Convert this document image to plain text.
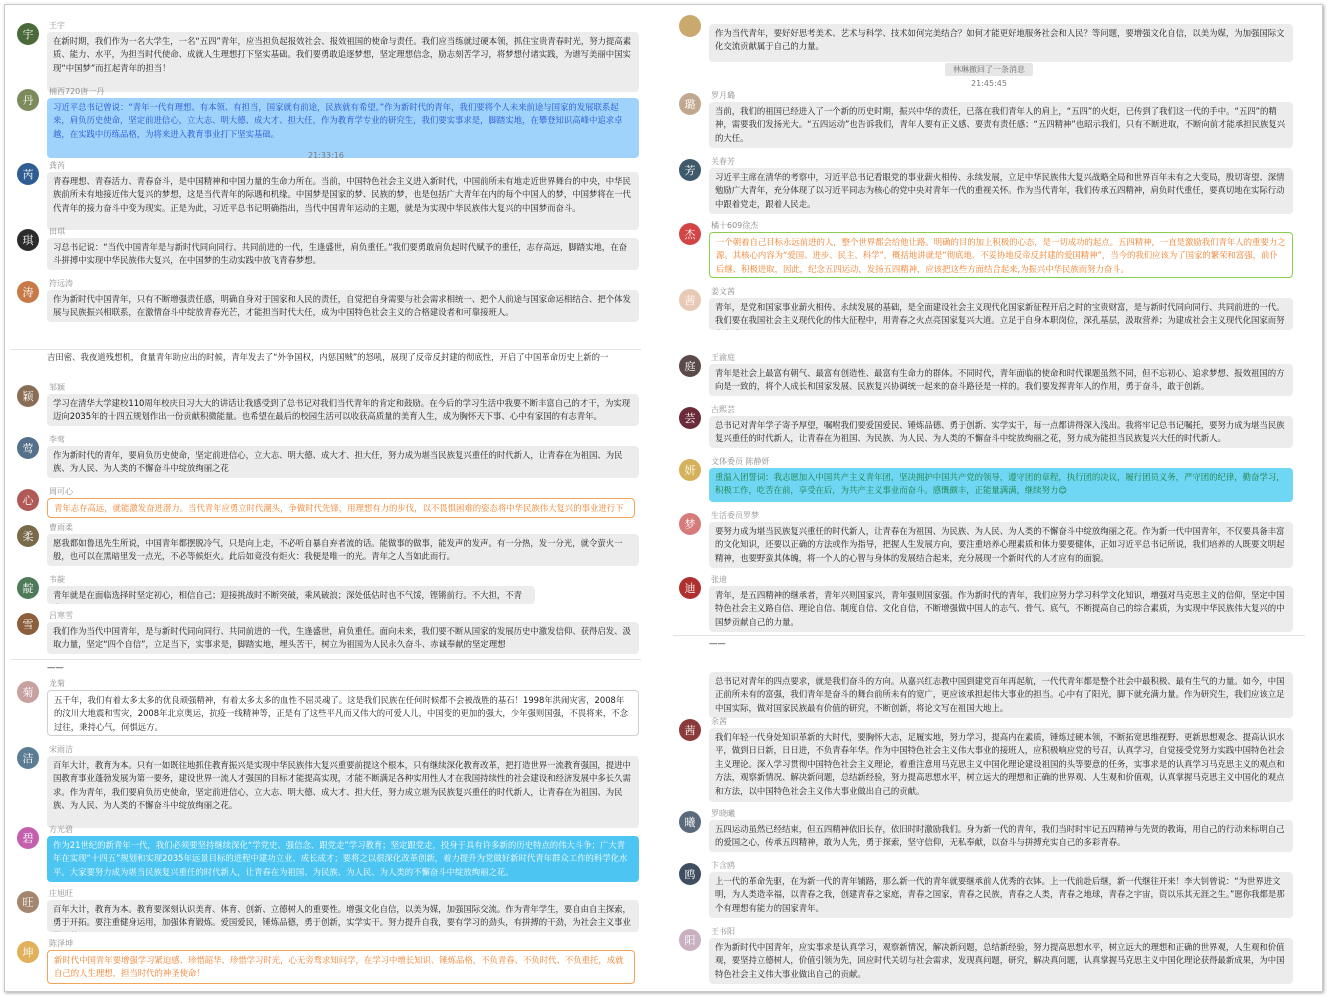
宇
王宇
在新时期，我们作为一名大学生，一名“五四”青年，应当担负起报效社会、报效祖国的使命与责任。我们应当练就过硬本领，抓住宝贵青春时光，努力提高素质、能力、水平，为担当时代使命、成就人生理想打下坚实基础。我们要勇敢追逐梦想，坚定理想信念，励志刻苦学习，将梦想付诸实践，为谱写美丽中国实现“中国梦”而扛起青年的担当！
丹
楠西720唐一丹
习近平总书记曾说：“青年一代有理想、有本领、有担当，国家就有前途，民族就有希望。”作为新时代的青年，我们要将个人未来前途与国家的发展联系起来，肩负历史使命，坚定前进信心，立大志、明大德、成大才、担大任，作为教育学专业的研究生，我们要实事求是，脚踏实地，在攀登知识高峰中追求卓越，在实践中历练品格，为将来进入教育事业打下坚实基础。
芮
龚芮
青春理想、青春活力、青春奋斗，是中国精神和中国力量的生命力所在。当前，中国特色社会主义进入新时代，中国前所未有地走近世界舞台的中央，中华民族前所未有地接近伟大复兴的梦想，这是当代青年的际遇和机缘。中国梦是国家的梦、民族的梦，也是包括广大青年在内的每个中国人的梦，中国梦将在一代代青年的接力奋斗中变为现实。正是为此，习近平总书记明确指出，当代中国青年运动的主题，就是为实现中华民族伟大复兴的中国梦而奋斗。
琪
田琪
习总书记说：“当代中国青年是与新时代同向同行、共同前进的一代，生逢盛世，肩负重任。”我们要勇敢肩负起时代赋予的重任，志存高远，脚踏实地，在奋斗拼搏中实现中华民族伟大复兴，在中国梦的生动实践中放飞青春梦想。
涛
符远涛
作为新时代中国青年，只有不断增强责任感，明确自身对于国家和人民的责任，自觉把自身需要与社会需求相统一、把个人前途与国家命运相结合、把个体发展与民族振兴相联系，在激情奋斗中绽放青春光芒，才能担当时代大任，成为中国特色社会主义的合格建设者和可靠接班人。
颖
邹颖
学习在清华大学建校110周年校庆日习大大的讲话让我感受到了总书记对我们当代青年的肯定和鼓励。在今后的学习生活中我要不断丰富自己的才干，为实现迈向2035年的十四五规划作出一份贡献积微能量。也希望在最后的校园生活可以收获高质量的美育人生，成为胸怀天下事、心中有家国的有志青年。
莺
李莺
作为新时代的青年，要肩负历史使命，坚定前进信心，立大志、明大德、成大才、担大任，努力成为堪当民族复兴重任的时代新人，让青春在为祖国、为民族、为人民、为人类的不懈奋斗中绽放绚丽之花
心
周可心
青年志存高远，就能激发奋进潜力。当代青年应勇立时代潮头，争做时代先锋，用理想有力的步伐，以不畏惧困难的姿态将中华民族伟大复兴的事业进行下
柔
曹雨柔
愿我都如鲁迅先生所说，中国青年都摆脱冷气，只是向上走，不必听自暴自弃者流的话。能做事的做事，能发声的发声。有一分热，发一分光，就令萤火一般，也可以在黑暗里发一点光，不必等候炬火。此后如竟没有炬火：我便是唯一的光。青年之人当如此而行。
靛
韦靛
青年就是在面临选择时坚定初心，相信自己；迎接挑战时不断突破，乘风破浪；深处低估时也不气馁，铿锵前行。不大担，不青
雪
吕寒雪
我们作为当代中国青年，是与新时代同向同行、共同前进的一代，生逢盛世，肩负重任。面向未来，我们要不断从国家的发展历史中激发信仰、获得启发、汲取力量，坚定“四个自信”，立足当下，实事求是，脚踏实地，埋头苦干，树立为祖国为人民永久奋斗、赤诚奉献的坚定理想
菊
龙菊
五千年，我们有着太多太多的优良顽强精神，有着太多太多的血性不屈灵魂了。这是我们民族在任何时候都不会被战胜的基石！1998年洪闹灾害，2008年的汶川大地震和雪灾，2008年北京奥运，抗疫一线精神等，正是有了这些平凡而又伟大的可爱人儿，中国变的更加的强大，少年强则国强，不畏将来，不念过往，秉持心气，何惧远方。
洁
宋雨洁
百年大计，教育为本。只有一如既往地抓住教育振兴是实现中华民族伟大复兴重要前提这个根本，只有继续深化教育改革，把打造世界一流教育强国，提进中国教育事业蓬勃发展为第一要务，建设世界一流人才强国的目标才能提高实现，才能不断满足各种实用性人才在我国持续性的社会建设和经济发展中多长久需求。作为青年，我们要肩负历史使命，坚定前进信心，立大志、明大德、成大才、担大任，努力成立堪为民族复兴重任的时代新人，让青春在为祖国、为民族、为人民、为人类的不懈奋斗中绽放绚丽之花。
碧
方光碧
作为21世纪的新青年一代，我们必须要坚持继续深化“学党史、强信念、跟党走”学习教育；坚定跟党走，投身于具有许多新的历史特点的伟大斗争；广大青年在实现“十四五”规划和实现2035年远景目标的进程中建功立业、成长成才；要将之以很深化改革创新，着力提升为党做好新时代青年群众工作的科学化水平。大家要努力成为堪当民族复兴重任的时代新人，让青春在为祖国、为民族、为人民、为人类的不懈奋斗中绽放绚丽之花。
旺
庄旭旺
百年大计，教育为本。教育要深刻认识美育、体育、创新、立德树人的重要性。增强文化自信，以美为媒，加强国际交流。作为青年学生，要自由自主探索，勇于开拓。要注重健身运用，加强体育锻炼。爱国爱民，锤炼品德，勇于创新，实学实干。努力提升自我，要有学习的劲头，有拼搏的干劲，为社会主义事业
坤
陈泽坤
新时代中国青年要增强学习紧迫感、珍惜韶华、珍惜学习时光，心无旁骛求知问学，在学习中增长知识、锤炼品格，不负青春、不负时代、不负重托，成就自己的人生理想，担当时代的神圣使命！
21:33:16
吉田密、我夜道残想机，食量青年助应出的时候，青年发去了“外争国权，内惩国贼”的怒吼，展现了反帝反封建的彻底性，开启了中国革命历史上新的一
——
作为当代青年，要好好思考美术、艺术与科学、技术如何完美结合？如何才能更好地服务社会和人民？等问题，要增强文化自信，以美为媒，为加强国际文化交流贡献属于自己的力量。
璐
罗月璐
当前，我们的祖国已经进入了一个新的历史时期，振兴中华的责任，已落在我们青年人的肩上，“五四”的火炬，已传到了我们这一代的手中。“五四”的精神，需要我们发扬光大。“五四运动”也告诉我们，青年人要有正义感、要责有责任感；“五四精神”也昭示我们，只有不断进取，不断向前才能承担民族复兴的大任。
芳
关春芳
习近平主席在清华的考察中，习近平总书记看眼党的事业薪火相传、永续发展，立足中华民族伟大复兴战略全局和世界百年未有之大变局，殷切寄望、深情勉励广大青年，充分体现了以习近平同志为核心的党中央对青年一代的重视关怀。作为当代青年，我们传承五四精神，肩负时代重任，要真切地在实际行动中跟着党走，跟着人民走。
杰
橘十609徐杰
一个朝着自己目标永远前进的人，整个世界都会给他让路。明确的目的加上积极的心态，是一切成功的起点。五四精神，一直是激励我们青年人的重要力之源。其核心内容为“爱国、进步、民主、科学”，概括地讲就是“彻底地、不妥协地反帝反封建的爱国精神”，当今的我们应该为了国家的繁荣和富强，前仆后继、积极进取，因此，纪念五四运动，发扬五四精神，应该把这些方面结合起来,为振兴中华民族而努力奋斗。
茜
姜文茜
青年，是党和国家事业薪火相传、永续发展的基础，是全面建设社会主义现代化国家新征程开启之时的宝贵财富，是与新时代同向同行、共同前进的一代。我们要在我国社会主义现代化的伟大征程中，用青春之火点亮国家复兴大道。立足于自身本职岗位，深孔基层，汲取营养；为建成社会主义现代化国家而努
庭
王渝庭
青年是社会上最富有朝气、最富有创造性、最富有生命力的群体。不同时代，青年面临的使命和时代课题虽然不同，但不忘初心、追求梦想、报效祖国的方向是一致的，将个人成长和国家发展、民族复兴协调统一起来的奋斗路径是一样的。我们要发挥青年人的作用，勇于奋斗，敢于创新。
芸
古熙芸
总书记对青年学子寄予厚望，嘱咐我们要爱国爱民、锤炼品德、勇于创新、实学实干，每一点都讲得深入浅出。我将牢记总书记嘱托，要努力成为堪当民族复兴重任的时代新人，让青春在为祖国、为民族、为人民、为人类的不懈奋斗中绽放绚丽之花，努力成为能担当民族复兴大任的时代新人。
妍
文体委员 陈静妍
重温入团誓词：我志愿加入中国共产主义青年团，坚决拥护中国共产党的领导，遵守团的章程，执行团的决议，履行团员义务，严守团的纪律，勤奋学习，积极工作，吃苦在前，享受在后，为共产主义事业而奋斗。感慨颇丰，正能量满满，继续努力😊
梦
生活委员罗梦
要努力成为堪当民族复兴重任的时代新人，让青春在为祖国、为民族、为人民、为人类的不懈奋斗中绽放绚丽之花。作为新一代中国青年，不仅要具备丰富的文化知识，还要以正确的方法或作为指导，把握人生发展方向，要注重培养心理素质和体力要要健体，正如习近平总书记所说，我们培养的人既要文明起精神，也要野蛮其体魄，将一个人的心智与身体的发展结合起来，充分展现一个新时代的人才应有的面貌。
迪
张迪
青年，是五四精神的继承者，青年兴则国家兴，青年强则国家强。作为新时代的青年，我们应努力学习科学文化知识，增强对马克思主义的信仰，坚定中国特色社会主义路自信、理论自信、制度自信、文化自信，不断增强做中国人的志气、骨气、底气，不断提高自己的综合素质，为实现中华民族伟大复兴的中国梦贡献自己的力量。
总书记对青年的四点要求，就是我们奋斗的方向。从嘉兴红志教中国到建党百年再起航，一代代青年都是整个社会中最积极、最有生气的力量。如今，中国正前所未有的富强，我们青年是奋斗的舞台前所未有的宽广，更应该承担起伟大事业的担当。心中有了阳光，脚下就充满力量。作为研究生，我们应该立足中国实际，做对国家民族最有价值的研究，不断创新，将论文写在祖国大地上。
茜
余茜
我们年轻一代身处知识革新的大时代，要胸怀大志，足履实地，努力学习，提高内在素质，锤炼过硬本领，不断拓宽思维视野、更新思想观念、提高认识水平，做到日日新，日日进，不负青春年华。作为中国特色社会主义伟大事业的接班人，应积极响应党的号召，认真学习，自觉接受党努力实践中国特色社会主义理论。深入学习贯彻中国特色社会主义理论，着重注意用马克思主义中国化理论建设祖国的头等要意的任务，实事求是的认真学习马克思主义的观点和方法，观察新情况、解决新问题，总结新经验，努力提高思想水平，树立远大的理想和正确的世界观、人生观和价值观，认真掌握马克思主义中国化的观点和方法，以中国特色社会主义伟大事业做出自己的贡献。
曦
罗晓曦
五四运动虽然已经结束，但五四精神依旧长存，依旧时时激励我们。身为新一代的青年，我们当时时牢记五四精神与先贤的教诲，用自己的行动来标明自己的爱国之心，传承五四精神，敢为人先，勇于探索，坚守信仰，无私奉献，以奋斗与拼搏充实自己的多彩青春。
鸥
卞含鸥
上一代的革命先驱，在为新一代的青年铺路，那么新一代的青年就要继承前人优秀的衣钵。上一代前赴后继，新一代继往开来！李大钊曾说：“为世界进文明，为人类造幸福，以青春之我，创建青春之家庭，青春之国家，青春之民族，青春之人类，青春之地球，青春之宇宙，资以乐其无涯之生。”愿你我都是那个有理想有能力的国家青年。
阳
王书阳
作为新时代中国青年，应实事求是认真学习，观察新情况，解决新问题，总结新经验，努力提高思想水平，树立远大的理想和正确的世界观，人生观和价值观，要坚持立德树人，价值引领为先，回应时代关切与社会需求，发现真问题，研究，解决真问题，认真掌握马克思主义中国化理论获得最新成果，为中国特色社会主义伟大事业做出自己的贡献。
21:45:45
林琳撤回了一条消息
——
